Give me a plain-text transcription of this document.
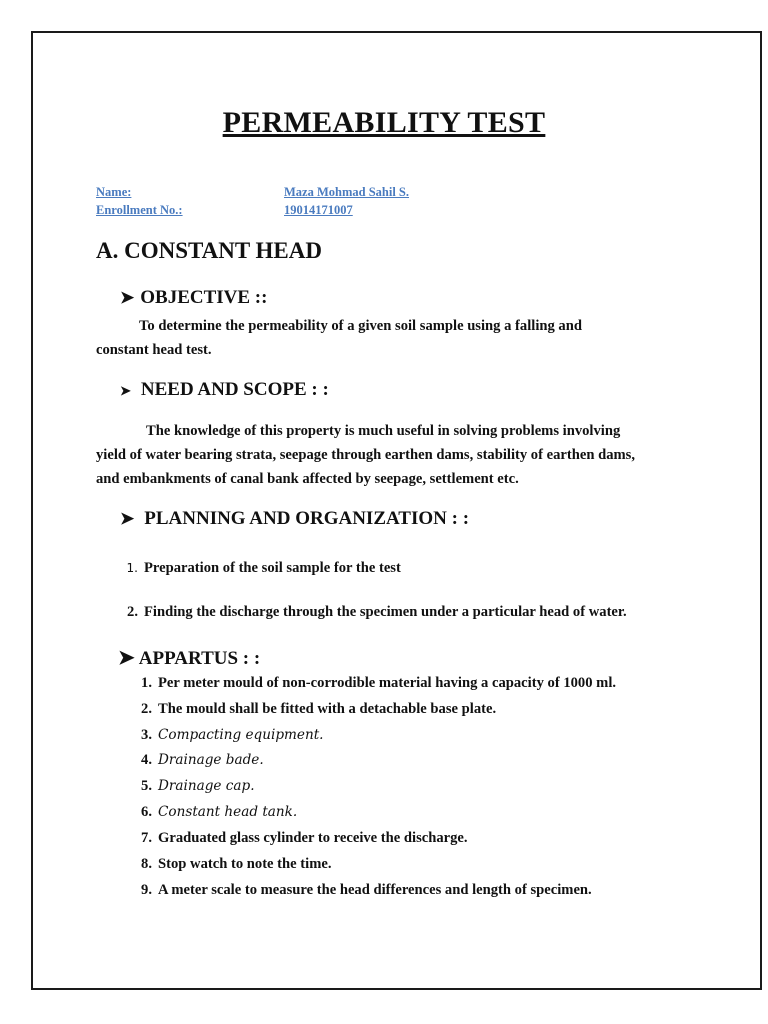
PERMEABILITY TEST
Name:	Maza Mohmad Sahil S.
Enrollment No.:	19014171007
A. CONSTANT HEAD
➤ OBJECTIVE ::
To determine the permeability of a given soil sample using a falling and
constant head test.
➤ NEED AND SCOPE : :
The knowledge of this property is much useful in solving problems involving
yield of water bearing strata, seepage through earthen dams, stability of earthen dams,
and embankments of canal bank affected by seepage, settlement etc.
➤ PLANNING AND ORGANIZATION : :
1. Preparation of the soil sample for the test
2. Finding the discharge through the specimen under a particular head of water.
➤ APPARTUS : :
1. Per meter mould of non-corrodible material having a capacity of 1000 ml.
2. The mould shall be fitted with a detachable base plate.
3. Compacting equipment.
4. Drainage bade.
5. Drainage cap.
6. Constant head tank.
7. Graduated glass cylinder to receive the discharge.
8. Stop watch to note the time.
9. A meter scale to measure the head differences and length of specimen.
